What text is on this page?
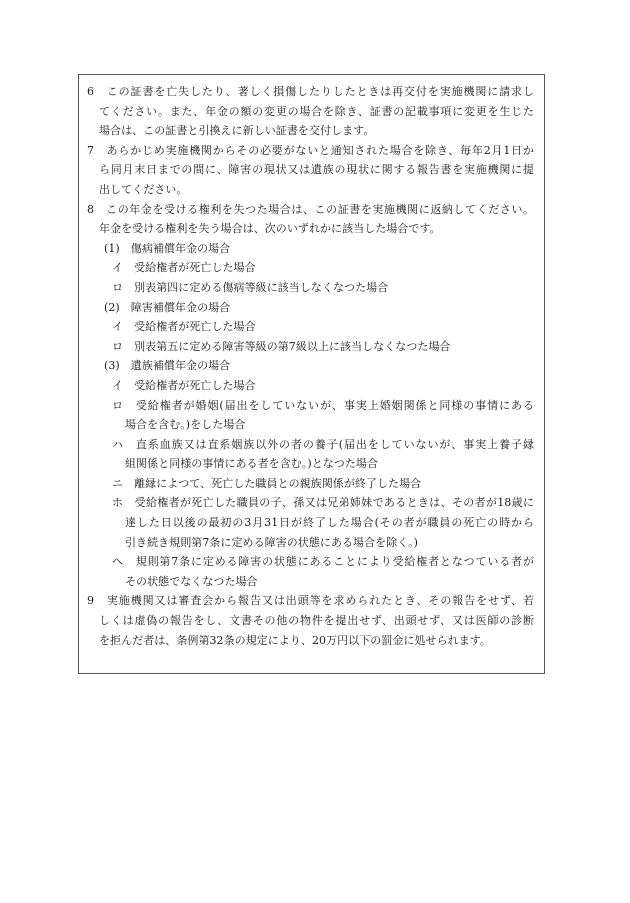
6　この証書を亡失したり、著しく損傷したりしたときは再交付を実施機関に請求し
てください。また、年金の額の変更の場合を除き、証書の記載事項に変更を生じた
場合は、この証書と引換えに新しい証書を交付します。
7　あらかじめ実施機関からその必要がないと通知された場合を除き、毎年2月1日か
ら同月末日までの間に、障害の現状又は遺族の現状に関する報告書を実施機関に提
出してください。
8　この年金を受ける権利を失つた場合は、この証書を実施機関に返納してください。
年金を受ける権利を失う場合は、次のいずれかに該当した場合です。
(1)　傷病補償年金の場合
イ　受給権者が死亡した場合
ロ　別表第四に定める傷病等級に該当しなくなつた場合
(2)　障害補償年金の場合
イ　受給権者が死亡した場合
ロ　別表第五に定める障害等級の第7級以上に該当しなくなつた場合
(3)　遺族補償年金の場合
イ　受給権者が死亡した場合
ロ　受給権者が婚姻(届出をしていないが、事実上婚姻関係と同様の事情にある
場合を含む。)をした場合
ハ　直系血族又は直系姻族以外の者の養子(届出をしていないが、事実上養子縁
組関係と同様の事情にある者を含む。)となつた場合
ニ　離縁によつて、死亡した職員との親族関係が終了した場合
ホ　受給権者が死亡した職員の子、孫又は兄弟姉妹であるときは、その者が18歳に
達した日以後の最初の3月31日が終了した場合(その者が職員の死亡の時から
引き続き規則第7条に定める障害の状態にある場合を除く。)
ヘ　規則第7条に定める障害の状態にあることにより受給権者となつている者が
その状態でなくなつた場合
9　実施機関又は審査会から報告又は出頭等を求められたとき、その報告をせず、若
しくは虚偽の報告をし、文書その他の物件を提出せず、出頭せず、又は医師の診断
を拒んだ者は、条例第32条の規定により、20万円以下の罰金に処せられます。
